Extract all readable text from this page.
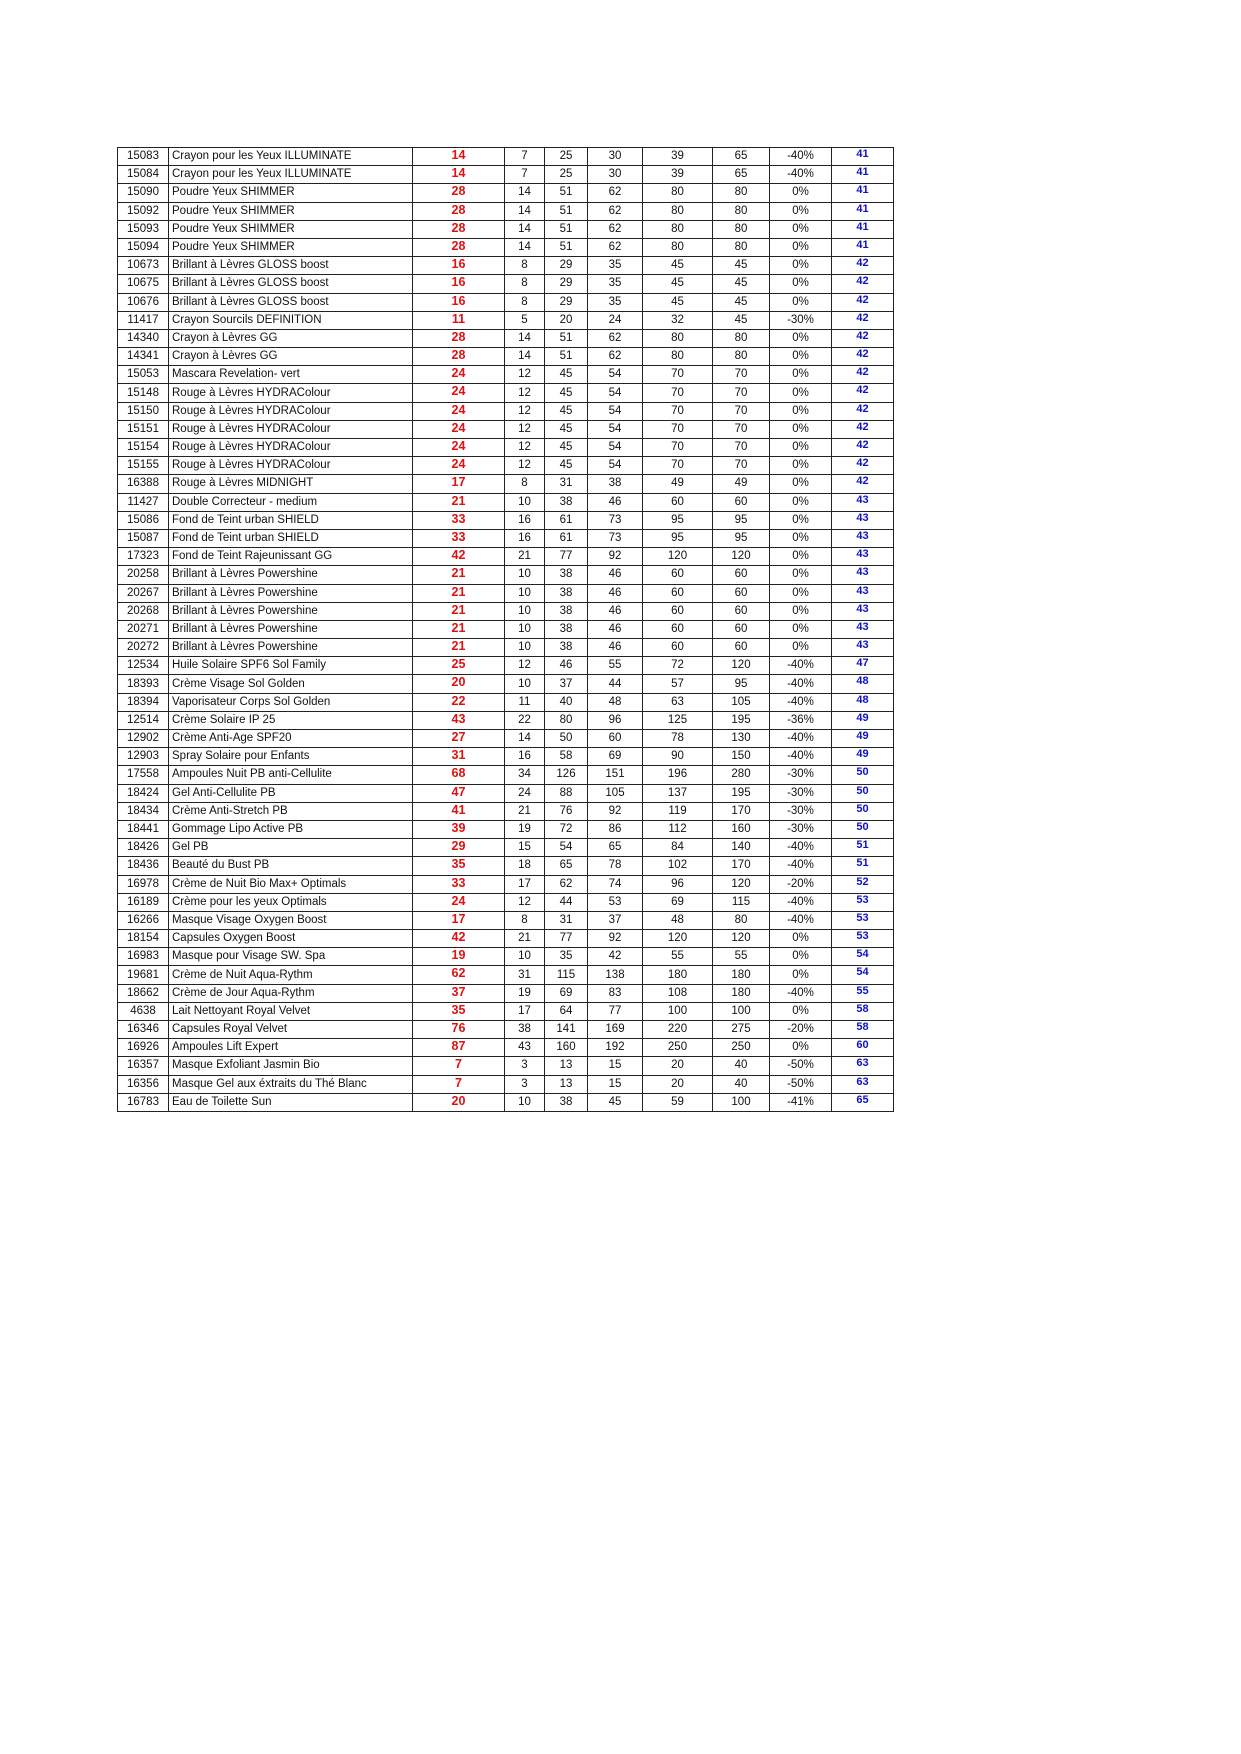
15083	Crayon pour les Yeux ILLUMINATE	14	7	25	30	39	65	-40%	41
15084	Crayon pour les Yeux ILLUMINATE	14	7	25	30	39	65	-40%	41
15090	Poudre Yeux SHIMMER	28	14	51	62	80	80	0%	41
15092	Poudre Yeux SHIMMER	28	14	51	62	80	80	0%	41
15093	Poudre Yeux SHIMMER	28	14	51	62	80	80	0%	41
15094	Poudre Yeux SHIMMER	28	14	51	62	80	80	0%	41
10673	Brillant à Lèvres GLOSS boost	16	8	29	35	45	45	0%	42
10675	Brillant à Lèvres GLOSS boost	16	8	29	35	45	45	0%	42
10676	Brillant à Lèvres GLOSS boost	16	8	29	35	45	45	0%	42
11417	Crayon Sourcils DEFINITION	11	5	20	24	32	45	-30%	42
14340	Crayon à Lèvres GG	28	14	51	62	80	80	0%	42
14341	Crayon à Lèvres GG	28	14	51	62	80	80	0%	42
15053	Mascara Revelation- vert	24	12	45	54	70	70	0%	42
15148	Rouge à Lèvres HYDRAColour	24	12	45	54	70	70	0%	42
15150	Rouge à Lèvres HYDRAColour	24	12	45	54	70	70	0%	42
15151	Rouge à Lèvres HYDRAColour	24	12	45	54	70	70	0%	42
15154	Rouge à Lèvres HYDRAColour	24	12	45	54	70	70	0%	42
15155	Rouge à Lèvres HYDRAColour	24	12	45	54	70	70	0%	42
16388	Rouge à Lèvres MIDNIGHT	17	8	31	38	49	49	0%	42
11427	Double Correcteur - medium	21	10	38	46	60	60	0%	43
15086	Fond de Teint urban SHIELD	33	16	61	73	95	95	0%	43
15087	Fond de Teint urban SHIELD	33	16	61	73	95	95	0%	43
17323	Fond de Teint Rajeunissant GG	42	21	77	92	120	120	0%	43
20258	Brillant à Lèvres Powershine	21	10	38	46	60	60	0%	43
20267	Brillant à Lèvres Powershine	21	10	38	46	60	60	0%	43
20268	Brillant à Lèvres Powershine	21	10	38	46	60	60	0%	43
20271	Brillant à Lèvres Powershine	21	10	38	46	60	60	0%	43
20272	Brillant à Lèvres Powershine	21	10	38	46	60	60	0%	43
12534	Huile Solaire SPF6 Sol Family	25	12	46	55	72	120	-40%	47
18393	Crème Visage Sol Golden	20	10	37	44	57	95	-40%	48
18394	Vaporisateur Corps Sol Golden	22	11	40	48	63	105	-40%	48
12514	Crème Solaire IP 25	43	22	80	96	125	195	-36%	49
12902	Crème Anti-Age SPF20	27	14	50	60	78	130	-40%	49
12903	Spray Solaire pour Enfants	31	16	58	69	90	150	-40%	49
17558	Ampoules Nuit PB anti-Cellulite	68	34	126	151	196	280	-30%	50
18424	Gel Anti-Cellulite PB	47	24	88	105	137	195	-30%	50
18434	Crème Anti-Stretch PB	41	21	76	92	119	170	-30%	50
18441	Gommage Lipo Active PB	39	19	72	86	112	160	-30%	50
18426	Gel PB	29	15	54	65	84	140	-40%	51
18436	Beauté du Bust PB	35	18	65	78	102	170	-40%	51
16978	Crème de Nuit Bio Max+ Optimals	33	17	62	74	96	120	-20%	52
16189	Crème pour les yeux Optimals	24	12	44	53	69	115	-40%	53
16266	Masque Visage Oxygen Boost	17	8	31	37	48	80	-40%	53
18154	Capsules Oxygen Boost	42	21	77	92	120	120	0%	53
16983	Masque pour Visage SW. Spa	19	10	35	42	55	55	0%	54
19681	Crème de Nuit Aqua-Rythm	62	31	115	138	180	180	0%	54
18662	Crème de Jour Aqua-Rythm	37	19	69	83	108	180	-40%	55
4638	Lait Nettoyant Royal Velvet	35	17	64	77	100	100	0%	58
16346	Capsules Royal Velvet	76	38	141	169	220	275	-20%	58
16926	Ampoules Lift Expert	87	43	160	192	250	250	0%	60
16357	Masque Exfoliant Jasmin Bio	7	3	13	15	20	40	-50%	63
16356	Masque Gel aux éxtraits du Thé Blanc	7	3	13	15	20	40	-50%	63
16783	Eau de Toilette Sun	20	10	38	45	59	100	-41%	65
